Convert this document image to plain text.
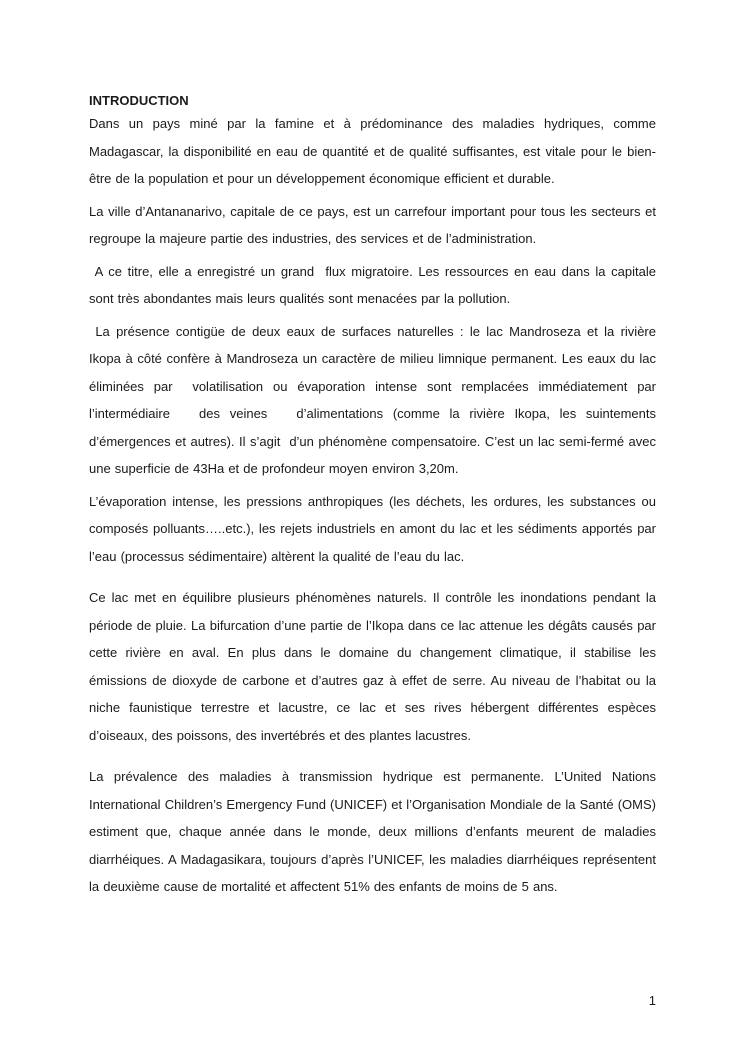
INTRODUCTION

Dans un pays miné par la famine et à prédominance des maladies hydriques, comme Madagascar, la disponibilité en eau de quantité et de qualité suffisantes, est vitale pour le bien-être de la population et pour un développement économique efficient et durable.

La ville d’Antananarivo, capitale de ce pays, est un carrefour important pour tous les secteurs et regroupe la majeure partie des industries, des services et de l’administration.

A ce titre, elle a enregistré un grand  flux migratoire. Les ressources en eau dans la capitale sont très abondantes mais leurs qualités sont menacées par la pollution.

La présence contigüe de deux eaux de surfaces naturelles : le lac Mandroseza et la rivière Ikopa à côté confère à Mandroseza un caractère de milieu limnique permanent. Les eaux du lac éliminées par  volatilisation ou évaporation intense sont remplacées immédiatement par l’intermédiaire   des veines   d’alimentations (comme la rivière Ikopa, les suintements d’émergences et autres). Il s’agit  d’un phénomène compensatoire. C’est un lac semi-fermé avec une superficie de 43Ha et de profondeur moyen environ 3,20m.

L’évaporation intense, les pressions anthropiques (les déchets, les ordures, les substances ou composés polluants…..etc.), les rejets industriels en amont du lac et les sédiments apportés par l’eau (processus sédimentaire) altèrent la qualité de l’eau du lac.

Ce lac met en équilibre plusieurs phénomènes naturels. Il contrôle les inondations pendant la période de pluie. La bifurcation d’une partie de l’Ikopa dans ce lac attenue les dégâts causés par cette rivière en aval. En plus dans le domaine du changement climatique, il stabilise les émissions de dioxyde de carbone et d’autres gaz à effet de serre. Au niveau de l’habitat ou la niche faunistique terrestre et lacustre, ce lac et ses rives hébergent différentes espèces d’oiseaux, des poissons, des invertébrés et des plantes lacustres.

La prévalence des maladies à transmission hydrique est permanente. L’United Nations International Children’s Emergency Fund (UNICEF) et l’Organisation Mondiale de la Santé (OMS) estiment que, chaque année dans le monde, deux millions d’enfants meurent de maladies diarrhéiques. A Madagasikara, toujours d’après l’UNICEF, les maladies diarrhéiques représentent la deuxième cause de mortalité et affectent 51% des enfants de moins de 5 ans.

1
